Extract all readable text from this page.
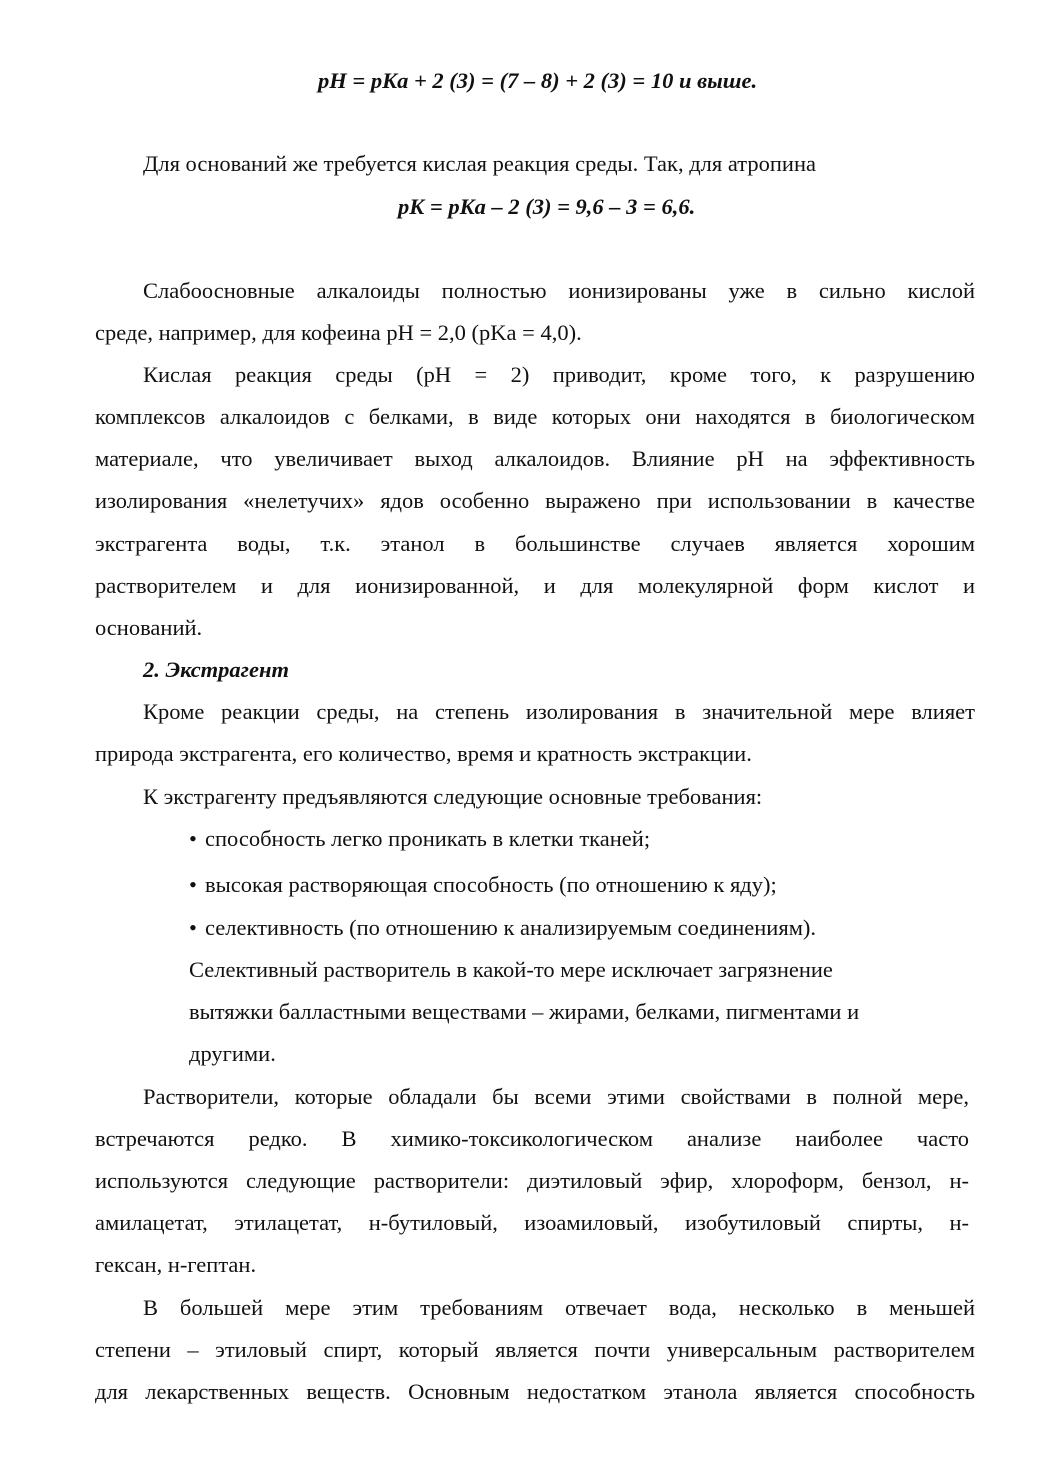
pH = pKa + 2 (3) = (7 – 8) + 2 (3) = 10 и выше.
Для оснований же требуется кислая реакция среды. Так, для атропина
pK = pKa – 2 (3) = 9,6 – 3 = 6,6.
Слабоосновные алкалоиды полностью ионизированы уже в сильно кислой
среде, например, для кофеина pH = 2,0 (pKa = 4,0).
Кислая реакция среды (pH = 2) приводит, кроме того, к разрушению
комплексов алкалоидов с белками, в виде которых они находятся в биологическом
материале, что увеличивает выход алкалоидов. Влияние pH на эффективность
изолирования «нелетучих» ядов особенно выражено при использовании в качестве
экстрагента воды, т.к. этанол в большинстве случаев является хорошим
растворителем и для ионизированной, и для молекулярной форм кислот и
оснований.
2. Экстрагент
Кроме реакции среды, на степень изолирования в значительной мере влияет
природа экстрагента, его количество, время и кратность экстракции.
К экстрагенту предъявляются следующие основные требования:
• способность легко проникать в клетки тканей;
• высокая растворяющая способность (по отношению к яду);
• селективность (по отношению к анализируемым соединениям).
Селективный растворитель в какой-то мере исключает загрязнение
вытяжки балластными веществами – жирами, белками, пигментами и
другими.
Растворители, которые обладали бы всеми этими свойствами в полной мере,
встречаются редко. В химико-токсикологическом анализе наиболее часто
используются следующие растворители: диэтиловый эфир, хлороформ, бензол, н-
амилацетат, этилацетат, н-бутиловый, изоамиловый, изобутиловый спирты, н-
гексан, н-гептан.
В большей мере этим требованиям отвечает вода, несколько в меньшей
степени – этиловый спирт, который является почти универсальным растворителем
для лекарственных веществ. Основным недостатком этанола является способность
